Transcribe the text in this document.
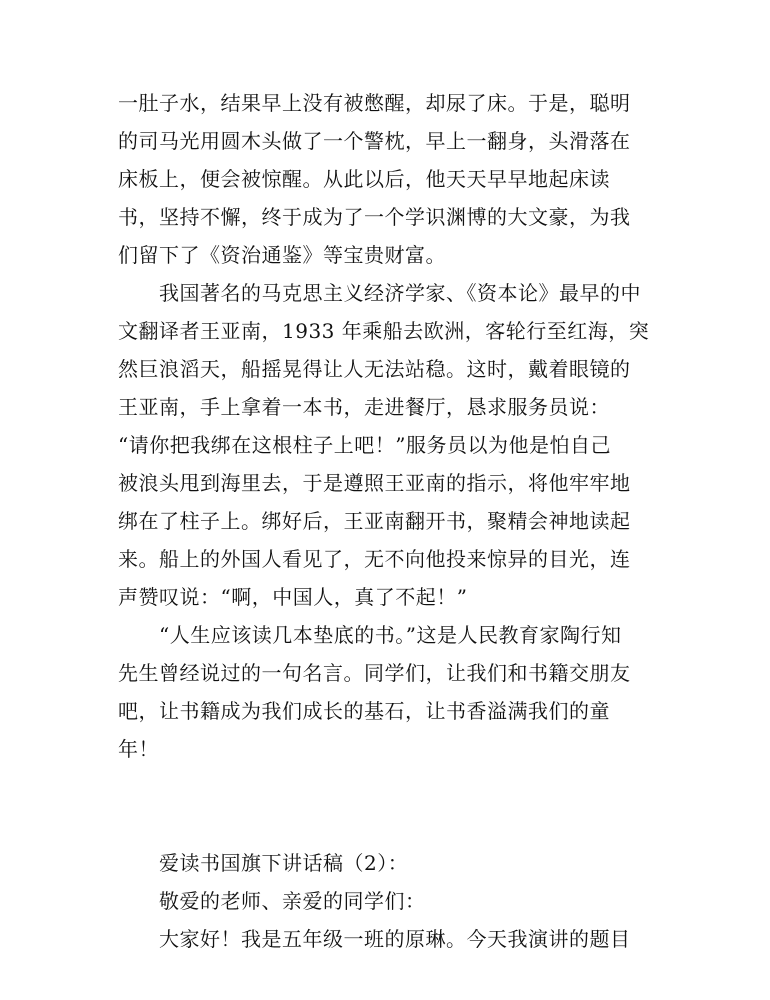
一肚子水，结果早上没有被憋醒，却尿了床。于是，聪明
的司马光用圆木头做了一个警枕，早上一翻身，头滑落在
床板上，便会被惊醒。从此以后，他天天早早地起床读
书，坚持不懈，终于成为了一个学识渊博的大文豪，为我
们留下了《资治通鉴》等宝贵财富。
　　我国著名的马克思主义经济学家、《资本论》最早的中
文翻译者王亚南，1933 年乘船去欧洲，客轮行至红海，突
然巨浪滔天，船摇晃得让人无法站稳。这时，戴着眼镜的
王亚南，手上拿着一本书，走进餐厅，恳求服务员说：
“请你把我绑在这根柱子上吧！”服务员以为他是怕自己
被浪头甩到海里去，于是遵照王亚南的指示，将他牢牢地
绑在了柱子上。绑好后，王亚南翻开书，聚精会神地读起
来。船上的外国人看见了，无不向他投来惊异的目光，连
声赞叹说：“啊，中国人，真了不起！”
　　“人生应该读几本垫底的书。”这是人民教育家陶行知
先生曾经说过的一句名言。同学们，让我们和书籍交朋友
吧，让书籍成为我们成长的基石，让书香溢满我们的童
年！
　　爱读书国旗下讲话稿（2）：
　　敬爱的老师、亲爱的同学们：
　　大家好！我是五年级一班的原琳。今天我演讲的题目
